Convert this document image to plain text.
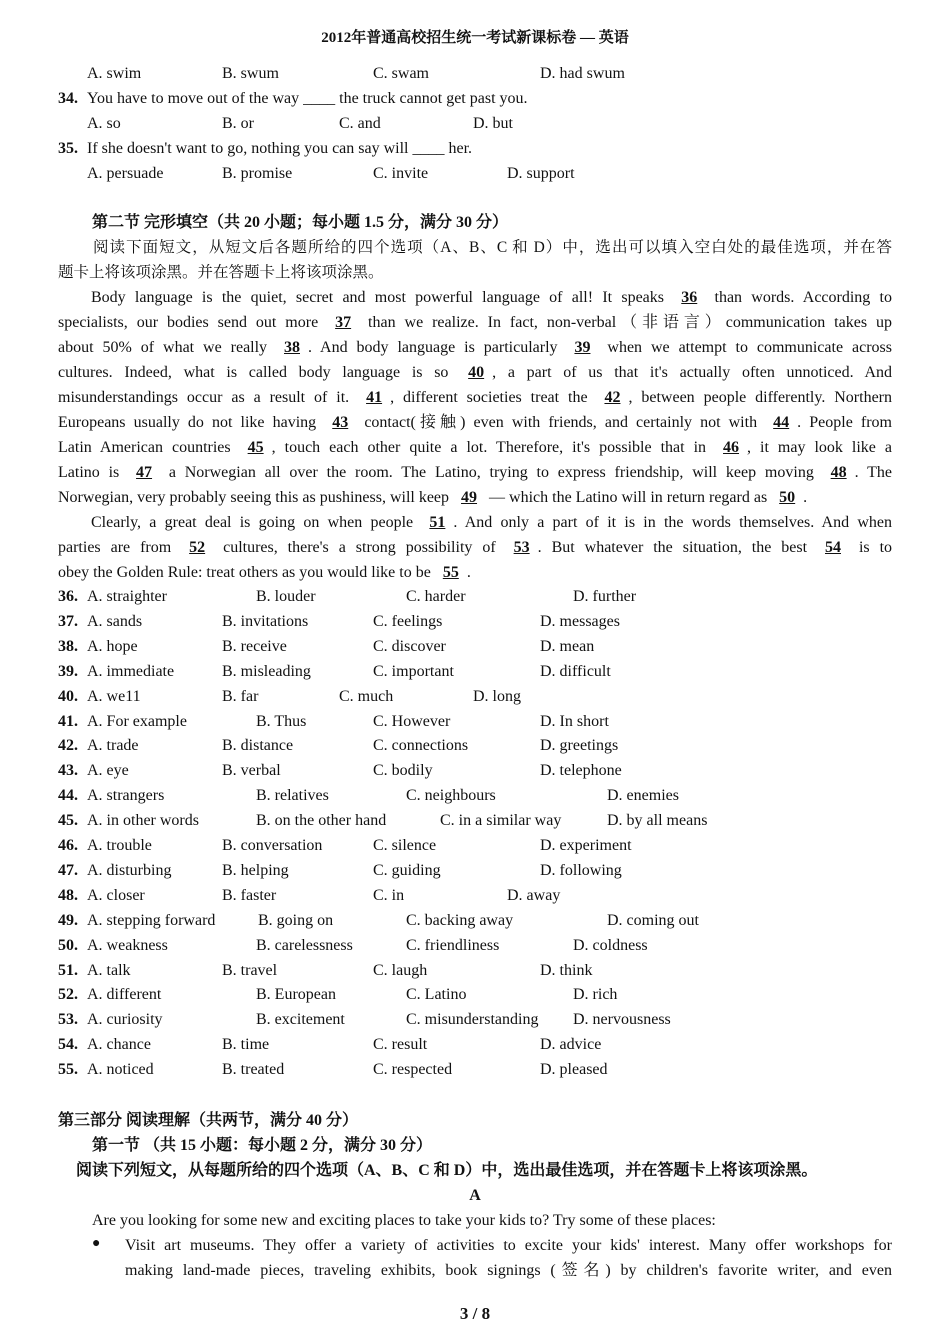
2012年普通高校招生统一考试新课标卷 — 英语
A. swim	B. swum	C. swam	D. had swum
34. You have to move out of the way ____ the truck cannot get past you.
A. so	B. or	C. and	D. but
35. If she doesn't want to go, nothing you can say will ____ her.
A. persuade	B. promise	C. invite	D. support
第二节 完形填空（共 20 小题；每小题 1.5 分，满分 30 分）
阅读下面短文，从短文后各题所给的四个选项（A、B、C 和 D）中，选出可以填入空白处的最佳选项，并在答
题卡上将该项涂黑。并在答题卡上将该项涂黑。

Body language is the quiet, secret and most powerful language of all! It speaks 36 than words. According to

specialists, our bodies send out more 37 than we realize. In fact, non-verbal（非语言）communication takes up

about 50% of what we really 38 . And body language is particularly 39 when we attempt to communicate across

cultures. Indeed, what is called body language is so 40 , a part of us that it's actually often unnoticed. And

misunderstandings occur as a result of it. 41 , different societies treat the 42 , between people differently. Northern

Europeans usually do not like having 43 contact(接触) even with friends, and certainly not with 44 . People from

Latin American countries 45 , touch each other quite a lot. Therefore, it's possible that in 46 , it may look like a

Latino is 47 a Norwegian all over the room. The Latino, trying to express friendship, will keep moving 48 . The

Norwegian, very probably seeing this as pushiness, will keep 49 — which the Latino will in return regard as 50 .

Clearly, a great deal is going on when people 51 . And only a part of it is in the words themselves. And when

parties are from 52 cultures, there's a strong possibility of 53 . But whatever the situation, the best 54 is to

obey the Golden Rule: treat others as you would like to be 55 .

36. A. straighter	B. louder	C. harder	D. further
37. A. sands	B. invitations	C. feelings	D. messages
38. A. hope	B. receive	C. discover	D. mean
39. A. immediate	B. misleading	C. important	D. difficult
40. A. we11	B. far	C. much	D. long
41. A. For example	B. Thus	C. However	D. In short
42. A. trade	B. distance	C. connections	D. greetings
43. A. eye	B. verbal	C. bodily	D. telephone
44. A. strangers	B. relatives	C. neighbours	D. enemies
45. A. in other words	B. on the other hand	C. in a similar way	D. by all means
46. A. trouble	B. conversation	C. silence	D. experiment
47. A. disturbing	B. helping	C. guiding	D. following
48. A. closer	B. faster	C. in	D. away
49. A. stepping forward	B. going on	C. backing away	D. coming out
50. A. weakness	B. carelessness	C. friendliness	D. coldness
51. A. talk	B. travel	C. laugh	D. think
52. A. different	B. European	C. Latino	D. rich
53. A. curiosity	B. excitement	C. misunderstanding D. nervousness
54. A. chance	B. time	C. result	D. advice
55. A. noticed	B. treated	C. respected	D. pleased
第三部分 阅读理解（共两节，满分 40 分）
第一节 （共 15 小题：每小题 2 分，满分 30 分）
阅读下列短文，从每题所给的四个选项（A、B、C 和 D）中，选出最佳选项，并在答题卡上将该项涂黑。
A
Are you looking for some new and exciting places to take your kids to? Try some of these places:
● Visit art museums. They offer a variety of activities to excite your kids' interest. Many offer workshops for
making land-made pieces, traveling exhibits, book signings (签名) by children's favorite writer, and even
3 / 8
